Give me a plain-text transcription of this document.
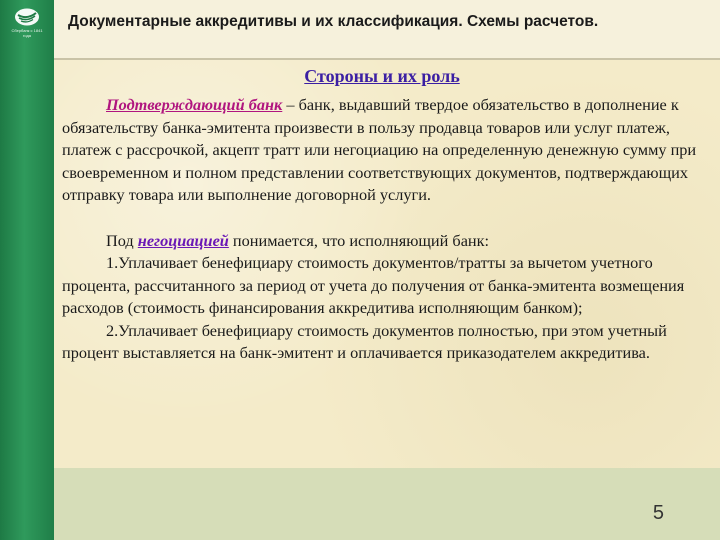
Сбербанк с 1841 года
Документарные аккредитивы и их классификация. Схемы расчетов.
Стороны и их роль

Подтверждающий банк – банк, выдавший твердое обязательство в дополнение к обязательству банка-эмитента произвести в пользу продавца товаров или услуг платеж, платеж с рассрочкой, акцепт тратт или негоциацию на определенную денежную сумму при своевременном и полном представлении соответствующих документов, подтверждающих отправку товара или выполнение договорной услуги.

Под негоциацией понимается, что исполняющий банк:

1.Уплачивает бенефициару стоимость документов/тратты за вычетом учетного процента, рассчитанного за период от учета до получения от банка-эмитента возмещения расходов (стоимость финансирования аккредитива исполняющим банком);

2.Уплачивает бенефициару стоимость документов полностью, при этом учетный процент выставляется на банк-эмитент и оплачивается приказодателем аккредитива.

5
